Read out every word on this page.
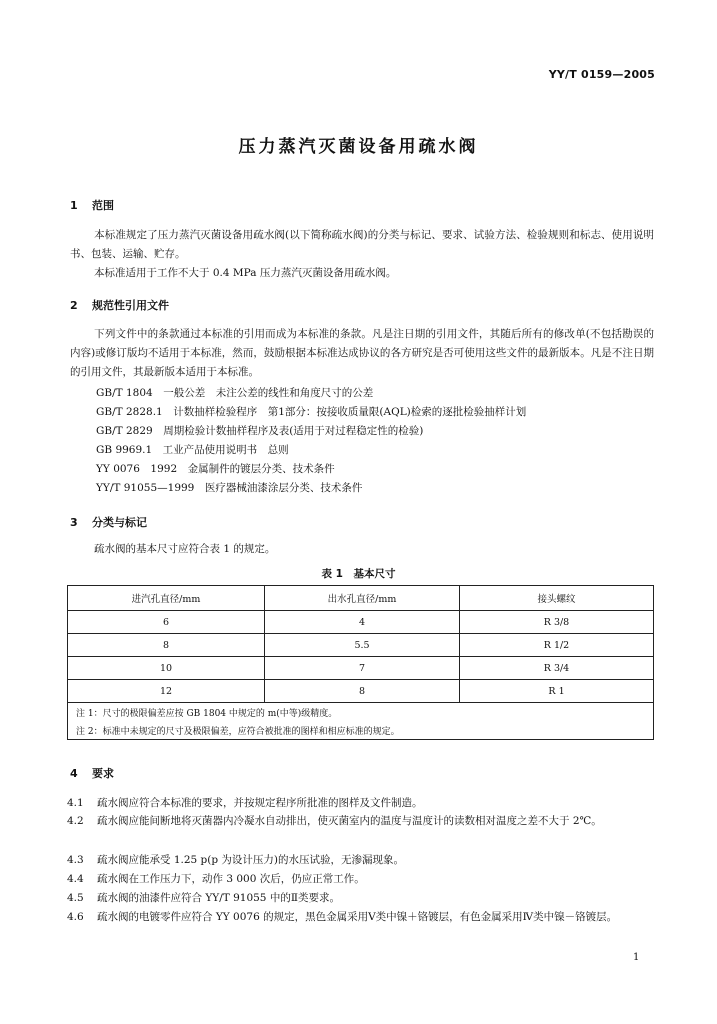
YY/T 0159—2005
压力蒸汽灭菌设备用疏水阀
1 范围
本标准规定了压力蒸汽灭菌设备用疏水阀(以下简称疏水阀)的分类与标记、要求、试验方法、检验规则和标志、使用说明书、包装、运输、贮存。
本标准适用于工作不大于 0.4 MPa 压力蒸汽灭菌设备用疏水阀。
2 规范性引用文件
下列文件中的条款通过本标准的引用而成为本标准的条款。凡是注日期的引用文件，其随后所有的修改单(不包括勘误的内容)或修订版均不适用于本标准，然而，鼓励根据本标准达成协议的各方研究是否可使用这些文件的最新版本。凡是不注日期的引用文件，其最新版本适用于本标准。
GB/T 1804　一般公差　未注公差的线性和角度尺寸的公差
GB/T 2828.1　计数抽样检验程序　第1部分：按接收质量限(AQL)检索的逐批检验抽样计划
GB/T 2829　周期检验计数抽样程序及表(适用于对过程稳定性的检验)
GB 9969.1　工业产品使用说明书　总则
YY 0076　1992　金属制件的镀层分类、技术条件
YY/T 91055—1999　医疗器械油漆涂层分类、技术条件
3 分类与标记
疏水阀的基本尺寸应符合表 1 的规定。
表 1　基本尺寸
进汽孔直径/mm	出水孔直径/mm	接头螺纹
6	4	R 3/8
8	5.5	R 1/2
10	7	R 3/4
12	8	R 1
注 1：尺寸的极限偏差应按 GB 1804 中规定的 m(中等)级精度。		
注 2：标准中未规定的尺寸及极限偏差，应符合被批准的图样和相应标准的规定。		
4 要求
4.1 疏水阀应符合本标准的要求，并按规定程序所批准的图样及文件制造。
4.2 疏水阀应能间断地将灭菌器内冷凝水自动排出，使灭菌室内的温度与温度计的读数相对温度之差不大于 2℃。
4.3 疏水阀应能承受 1.25 p(p 为设计压力)的水压试验，无渗漏现象。
4.4 疏水阀在工作压力下，动作 3 000 次后，仍应正常工作。
4.5 疏水阀的油漆件应符合 YY/T 91055 中的Ⅱ类要求。
4.6 疏水阀的电镀零件应符合 YY 0076 的规定，黑色金属采用Ⅴ类中镍＋铬镀层，有色金属采用Ⅳ类中镍－铬镀层。
1
